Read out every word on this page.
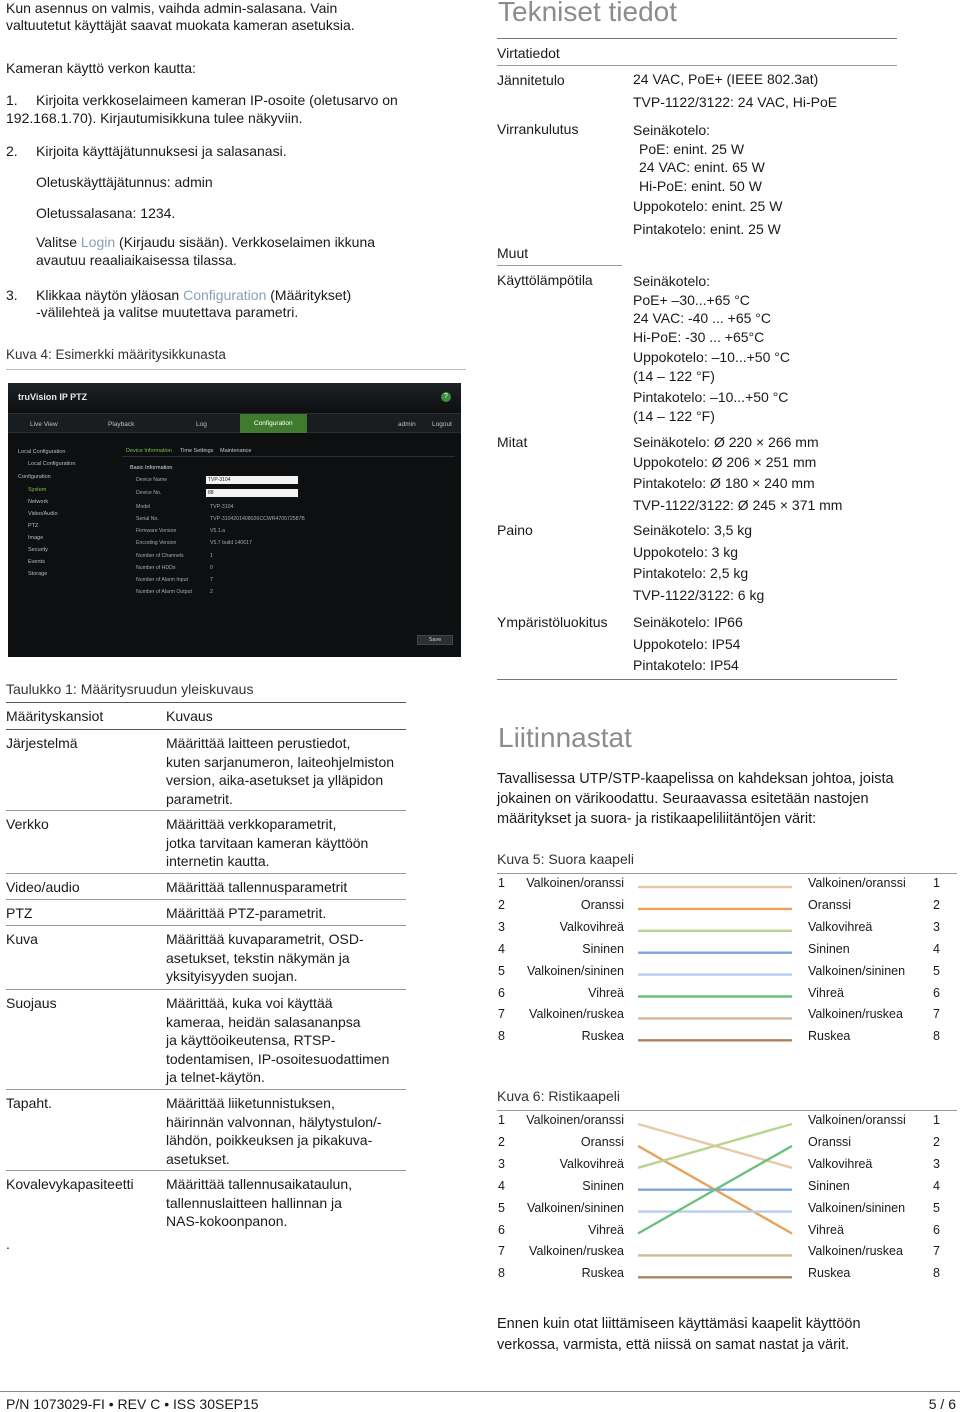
Kun asennus on valmis, vaihda admin-salasana. Vain
valtuutetut käyttäjät saavat muokata kameran asetuksia.
Kameran käyttö verkon kautta:
1.	Kirjoita verkkoselaimeen kameran IP-osoite (oletusarvo on
192.168.1.70). Kirjautumisikkuna tulee näkyviin.
2.	Kirjoita käyttäjätunnuksesi ja salasanasi.
Oletuskäyttäjätunnus: admin
Oletussalasana: 1234.
Valitse Login (Kirjaudu sisään). Verkkoselaimen ikkuna
avautuu reaaliaikaisessa tilassa.
3.	Klikkaa näytön yläosan Configuration (Määritykset)
-välilehteä ja valitse muutettava parametri.
Kuva 4: Esimerkki määritysikkunasta
truVision IP PTZ	?
Live View	Playback	Log	Configuration	admin	Logout
Local Configuration
Local Configuration
Configuration
System
Network
Video/Audio
PTZ
Image
Security
Events
Storage
Device Information Time Settings Maintenance
Basic Information
Device Name	TVP-3104
Device No.	88
Model	TVP-3104
Serial No.	TVP-3104201408026CCWR470572587B
Firmware Version	V5.1.a
Encoding Version	V5.7 build 140617
Number of Channels	1
Number of HDDs	0
Number of Alarm Input	7
Number of Alarm Output	2
Save
Taulukko 1: Määritysruudun yleiskuvaus
Määrityskansiot	Kuvaus
Järjestelmä	Määrittää laitteen perustiedot,
kuten sarjanumeron, laiteohjelmiston
version, aika-asetukset ja ylläpidon
parametrit.
Verkko	Määrittää verkkoparametrit,
jotka tarvitaan kameran käyttöön
internetin kautta.
Video/audio	Määrittää tallennusparametrit
PTZ	Määrittää PTZ-parametrit.
Kuva	Määrittää kuvaparametrit, OSD-
asetukset, tekstin näkymän ja
yksityisyyden suojan.
Suojaus	Määrittää, kuka voi käyttää
kameraa, heidän salasananpsa
ja käyttöoikeutensa, RTSP-
todentamisen, IP-osoitesuodattimen
ja telnet-käytön.
Tapaht.	Määrittää liiketunnistuksen,
häirinnän valvonnan, hälytystulon/-
lähdön, poikkeuksen ja pikakuva-
asetukset.
Kovalevykapasiteetti Määrittää tallennusaikataulun,
tallennuslaitteen hallinnan ja
NAS-kokoonpanon.
.
Tekniset tiedot
Virtatiedot
Jännitetulo	24 VAC, PoE+ (IEEE 802.3at)
TVP-1122/3122: 24 VAC, Hi-PoE
Virrankulutus	Seinäkotelo:
PoE: enint. 25 W
24 VAC: enint. 65 W
Hi-PoE: enint. 50 W
Uppokotelo: enint. 25 W
Pintakotelo: enint. 25 W
Muut
Käyttölämpötila	Seinäkotelo:
PoE+ –30...+65 °C
24 VAC: -40 ... +65 °C
Hi-PoE: -30 ... +65°C
Uppokotelo: –10...+50 °C
(14 – 122 °F)
Pintakotelo: –10...+50 °C
(14 – 122 °F)
Mitat	Seinäkotelo: Ø 220 × 266 mm
Uppokotelo: Ø 206 × 251 mm
Pintakotelo: Ø 180 × 240 mm
TVP-1122/3122: Ø 245 × 371 mm
Paino	Seinäkotelo: 3,5 kg
Uppokotelo: 3 kg
Pintakotelo: 2,5 kg
TVP-1122/3122: 6 kg
Ympäristöluokitus Seinäkotelo: IP66
Uppokotelo: IP54
Pintakotelo: IP54
Liitinnastat
Tavallisessa UTP/STP-kaapelissa on kahdeksan johtoa, joista
jokainen on värikoodattu. Seuraavassa esitetään nastojen
määritykset ja suora- ja ristikaapeliliitäntöjen värit:
Kuva 5: Suora kaapeli
1	Valkoinen/oranssi	Valkoinen/oranssi 1
2	Oranssi	Oranssi	2
3	Valkovihreä	Valkovihreä	3
4	Sininen	Sininen	4
5	Valkoinen/sininen	Valkoinen/sininen 5
6	Vihreä	Vihreä	6
7	Valkoinen/ruskea	Valkoinen/ruskea 7
8	Ruskea	Ruskea	8
Kuva 6: Ristikaapeli
1	Valkoinen/oranssi	Valkoinen/oranssi 1
2	Oranssi	Oranssi	2
3	Valkovihreä	Valkovihreä	3
4	Sininen	Sininen	4
5	Valkoinen/sininen	Valkoinen/sininen 5
6	Vihreä	Vihreä	6
7	Valkoinen/ruskea	Valkoinen/ruskea 7
8	Ruskea	Ruskea	8
Ennen kuin otat liittämiseen käyttämäsi kaapelit käyttöön
verkossa, varmista, että niissä on samat nastat ja värit.
P/N 1073029-FI • REV C • ISS 30SEP15	5 / 6
